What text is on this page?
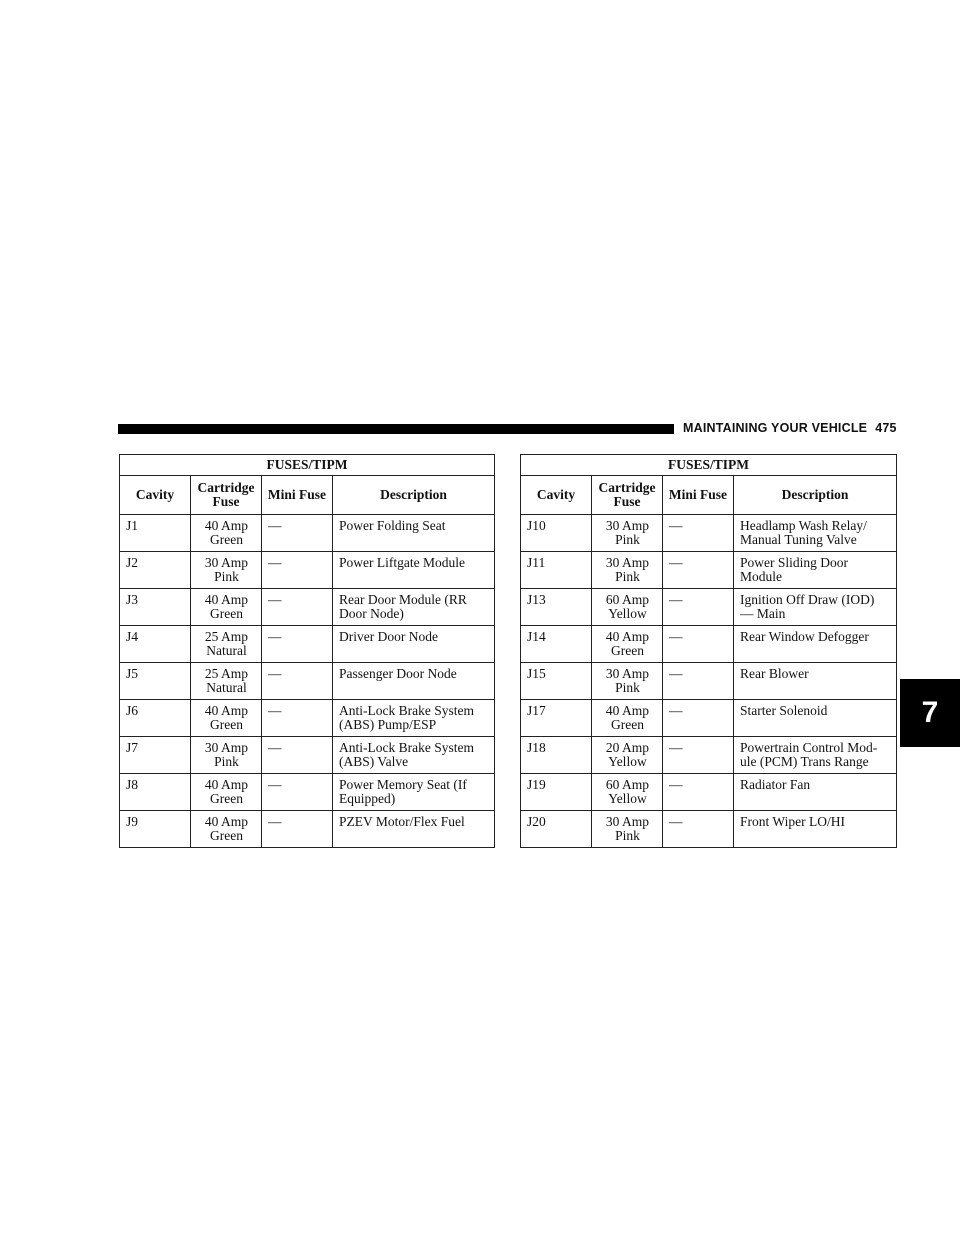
MAINTAINING YOUR VEHICLE 475
7
FUSES/TIPM			
Cavity	Cartridge Fuse	Mini Fuse	Description
J1	40 Amp Green	—	Power Folding Seat
J2	30 Amp Pink	—	Power Liftgate Module
J3	40 Amp Green	—	Rear Door Module (RR Door Node)
J4	25 Amp Natural	—	Driver Door Node
J5	25 Amp Natural	—	Passenger Door Node
J6	40 Amp Green	—	Anti-Lock Brake System (ABS) Pump/ESP
J7	30 Amp Pink	—	Anti-Lock Brake System (ABS) Valve
J8	40 Amp Green	—	Power Memory Seat (If Equipped)
J9	40 Amp Green	—	PZEV Motor/Flex Fuel
FUSES/TIPM			
Cavity	Cartridge Fuse	Mini Fuse	Description
J10	30 Amp Pink	—	Headlamp Wash Relay/ Manual Tuning Valve
J11	30 Amp Pink	—	Power Sliding Door Module
J13	60 Amp Yellow	—	Ignition Off Draw (IOD) — Main
J14	40 Amp Green	—	Rear Window Defogger
J15	30 Amp Pink	—	Rear Blower
J17	40 Amp Green	—	Starter Solenoid
J18	20 Amp Yellow	—	Powertrain Control Mod- ule (PCM) Trans Range
J19	60 Amp Yellow	—	Radiator Fan
J20	30 Amp Pink	—	Front Wiper LO/HI
